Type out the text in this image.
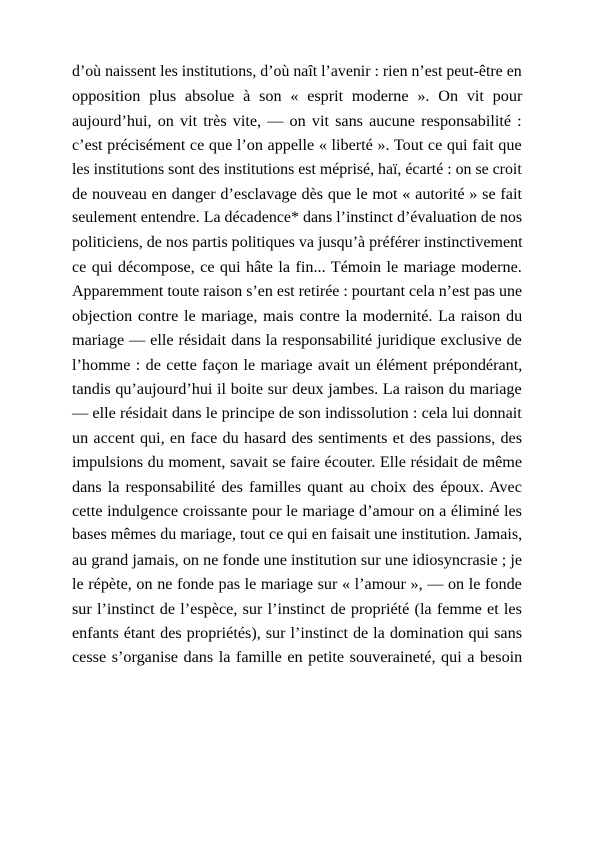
d’où naissent les institutions, d’où naît l’avenir : rien n’est peut-être en
opposition plus absolue à son « esprit moderne ». On vit pour
aujourd’hui, on vit très vite, — on vit sans aucune responsabilité :
c’est précisément ce que l’on appelle « liberté ». Tout ce qui fait que
les institutions sont des institutions est méprisé, haï, écarté : on se croit
de nouveau en danger d’esclavage dès que le mot « autorité » se fait
seulement entendre. La décadence* dans l’instinct d’évaluation de nos
politiciens, de nos partis politiques va jusqu’à préférer instinctivement
ce qui décompose, ce qui hâte la fin... Témoin le mariage moderne.
Apparemment toute raison s’en est retirée : pourtant cela n’est pas une
objection contre le mariage, mais contre la modernité. La raison du
mariage — elle résidait dans la responsabilité juridique exclusive de
l’homme : de cette façon le mariage avait un élément prépondérant,
tandis qu’aujourd’hui il boite sur deux jambes. La raison du mariage
— elle résidait dans le principe de son indissolution : cela lui donnait
un accent qui, en face du hasard des sentiments et des passions, des
impulsions du moment, savait se faire écouter. Elle résidait de même
dans la responsabilité des familles quant au choix des époux. Avec
cette indulgence croissante pour le mariage d’amour on a éliminé les
bases mêmes du mariage, tout ce qui en faisait une institution. Jamais,
au grand jamais, on ne fonde une institution sur une idiosyncrasie ; je
le répète, on ne fonde pas le mariage sur « l’amour », — on le fonde
sur l’instinct de l’espèce, sur l’instinct de propriété (la femme et les
enfants étant des propriétés), sur l’instinct de la domination qui sans
cesse s’organise dans la famille en petite souveraineté, qui a besoin
